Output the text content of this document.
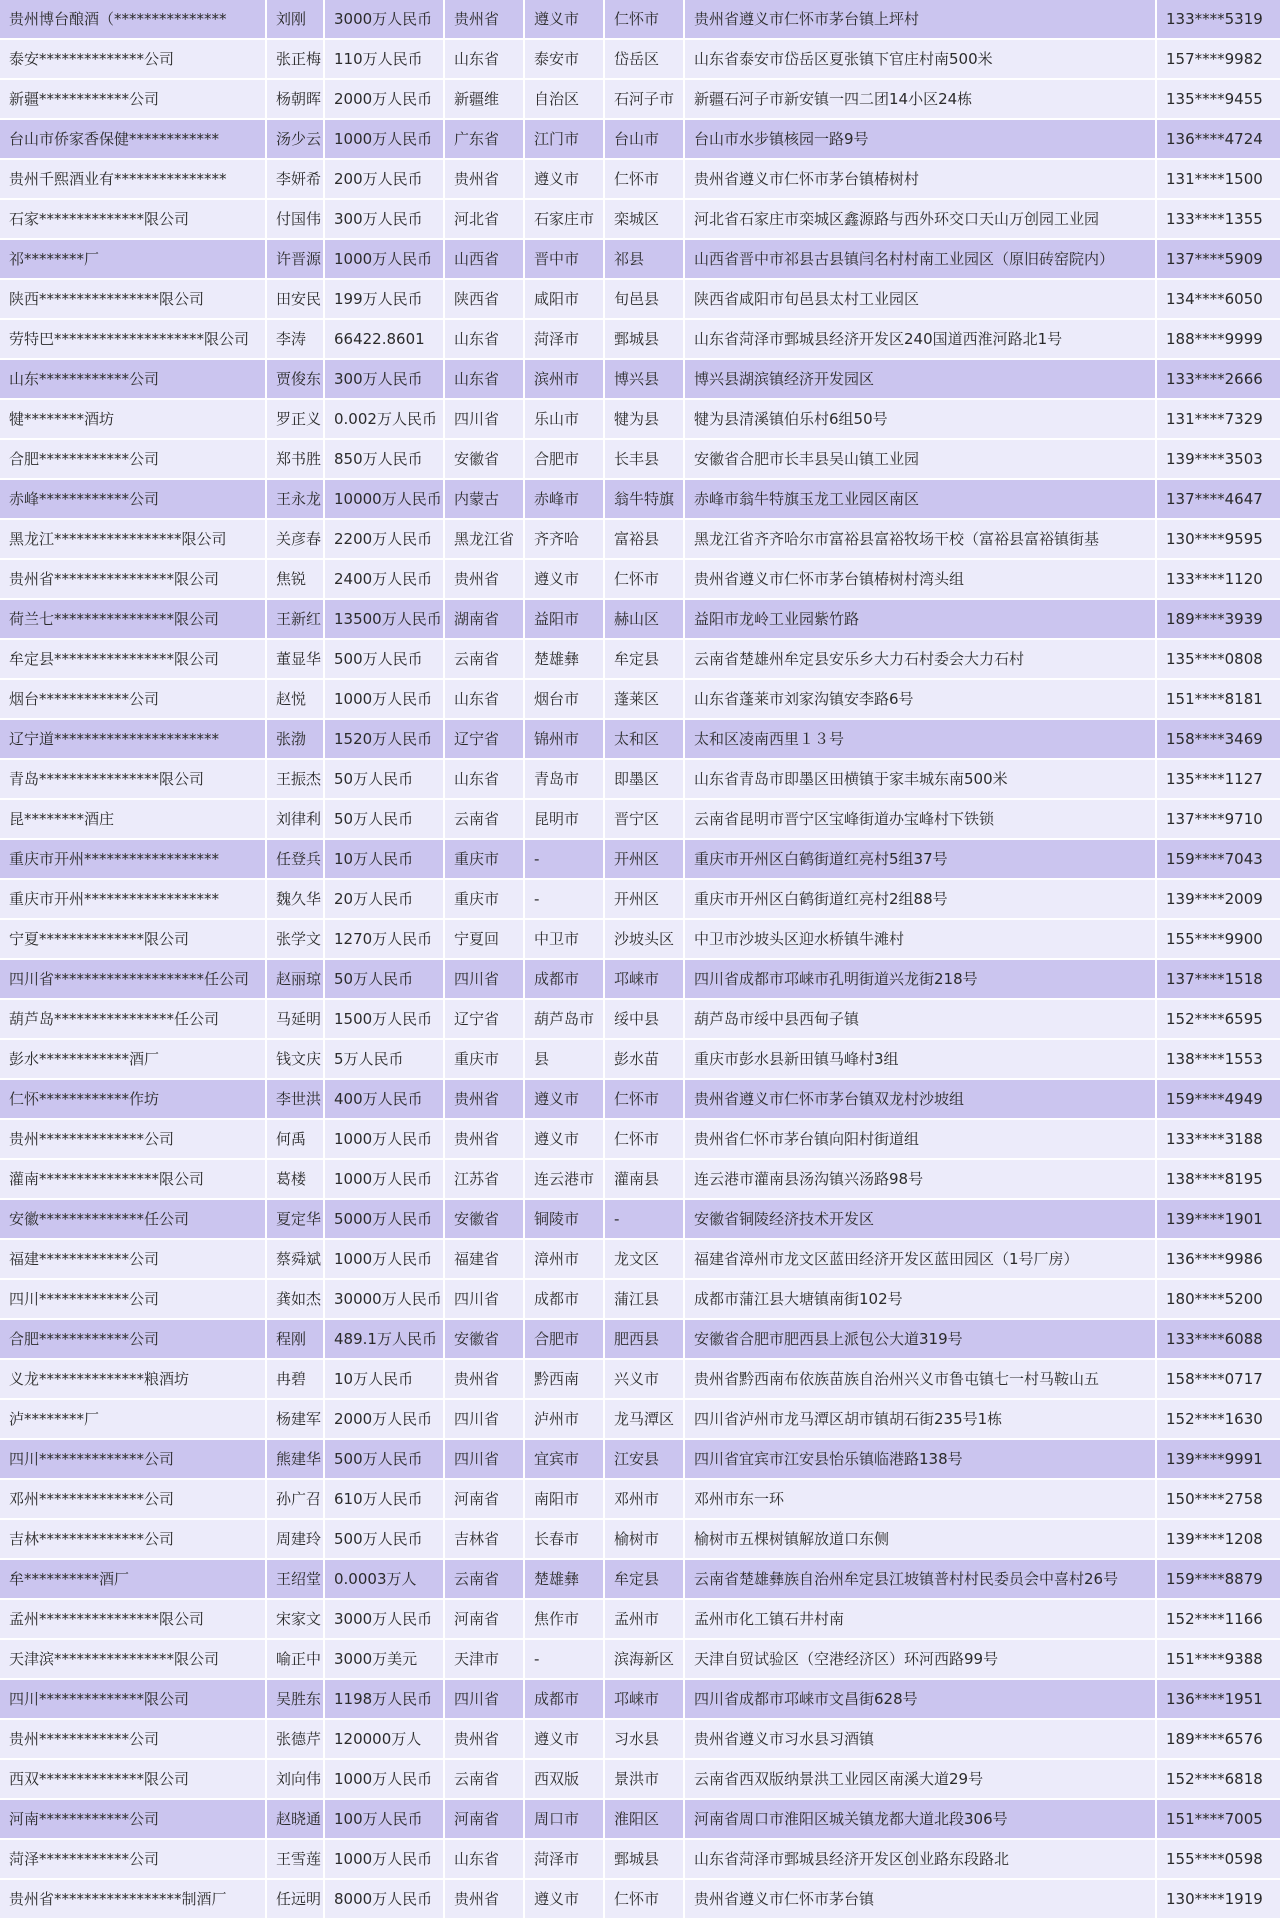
贵州博台酿酒（***************	刘刚	3000万人民币	贵州省	遵义市	仁怀市	贵州省遵义市仁怀市茅台镇上坪村	133****5319
泰安**************公司	张正梅	110万人民币	山东省	泰安市	岱岳区	山东省泰安市岱岳区夏张镇下官庄村南500米	157****9982
新疆************公司	杨朝晖	2000万人民币	新疆维	自治区	石河子市	新疆石河子市新安镇一四二团14小区24栋	135****9455
台山市侨家香保健************	汤少云	1000万人民币	广东省	江门市	台山市	台山市水步镇核园一路9号	136****4724
贵州千熙酒业有***************	李妍希	200万人民币	贵州省	遵义市	仁怀市	贵州省遵义市仁怀市茅台镇椿树村	131****1500
石家**************限公司	付国伟	300万人民币	河北省	石家庄市	栾城区	河北省石家庄市栾城区鑫源路与西外环交口天山万创园工业园	133****1355
祁********厂	许晋源	1000万人民币	山西省	晋中市	祁县	山西省晋中市祁县古县镇闫名村村南工业园区（原旧砖窑院内）	137****5909
陕西****************限公司	田安民	199万人民币	陕西省	咸阳市	旬邑县	陕西省咸阳市旬邑县太村工业园区	134****6050
劳特巴********************限公司	李涛	66422.8601	山东省	菏泽市	鄄城县	山东省菏泽市鄄城县经济开发区240国道西淮河路北1号	188****9999
山东************公司	贾俊东	300万人民币	山东省	滨州市	博兴县	博兴县湖滨镇经济开发园区	133****2666
犍********酒坊	罗正义	0.002万人民币	四川省	乐山市	犍为县	犍为县清溪镇伯乐村6组50号	131****7329
合肥************公司	郑书胜	850万人民币	安徽省	合肥市	长丰县	安徽省合肥市长丰县吴山镇工业园	139****3503
赤峰************公司	王永龙	10000万人民币	内蒙古	赤峰市	翁牛特旗	赤峰市翁牛特旗玉龙工业园区南区	137****4647
黑龙江*****************限公司	关彦春	2200万人民币	黑龙江省	齐齐哈	富裕县	黑龙江省齐齐哈尔市富裕县富裕牧场干校（富裕县富裕镇街基	130****9595
贵州省****************限公司	焦锐	2400万人民币	贵州省	遵义市	仁怀市	贵州省遵义市仁怀市茅台镇椿树村湾头组	133****1120
荷兰七****************限公司	王新红	13500万人民币	湖南省	益阳市	赫山区	益阳市龙岭工业园紫竹路	189****3939
牟定县****************限公司	董显华	500万人民币	云南省	楚雄彝	牟定县	云南省楚雄州牟定县安乐乡大力石村委会大力石村	135****0808
烟台************公司	赵悦	1000万人民币	山东省	烟台市	蓬莱区	山东省蓬莱市刘家沟镇安李路6号	151****8181
辽宁道**********************	张渤	1520万人民币	辽宁省	锦州市	太和区	太和区凌南西里１３号	158****3469
青岛****************限公司	王振杰	50万人民币	山东省	青岛市	即墨区	山东省青岛市即墨区田横镇于家丰城东南500米	135****1127
昆********酒庄	刘律利	50万人民币	云南省	昆明市	晋宁区	云南省昆明市晋宁区宝峰街道办宝峰村下铁锁	137****9710
重庆市开州******************	任登兵	10万人民币	重庆市	-	开州区	重庆市开州区白鹤街道红亮村5组37号	159****7043
重庆市开州******************	魏久华	20万人民币	重庆市	-	开州区	重庆市开州区白鹤街道红亮村2组88号	139****2009
宁夏**************限公司	张学文	1270万人民币	宁夏回	中卫市	沙坡头区	中卫市沙坡头区迎水桥镇牛滩村	155****9900
四川省********************任公司	赵丽琼	50万人民币	四川省	成都市	邛崃市	四川省成都市邛崃市孔明街道兴龙街218号	137****1518
葫芦岛****************任公司	马延明	1500万人民币	辽宁省	葫芦岛市	绥中县	葫芦岛市绥中县西甸子镇	152****6595
彭水************酒厂	钱文庆	5万人民币	重庆市	县	彭水苗	重庆市彭水县新田镇马峰村3组	138****1553
仁怀************作坊	李世洪	400万人民币	贵州省	遵义市	仁怀市	贵州省遵义市仁怀市茅台镇双龙村沙坡组	159****4949
贵州**************公司	何禹	1000万人民币	贵州省	遵义市	仁怀市	贵州省仁怀市茅台镇向阳村街道组	133****3188
灌南****************限公司	葛楼	1000万人民币	江苏省	连云港市	灌南县	连云港市灌南县汤沟镇兴汤路98号	138****8195
安徽**************任公司	夏定华	5000万人民币	安徽省	铜陵市	-	安徽省铜陵经济技术开发区	139****1901
福建************公司	蔡舜斌	1000万人民币	福建省	漳州市	龙文区	福建省漳州市龙文区蓝田经济开发区蓝田园区（1号厂房）	136****9986
四川************公司	龚如杰	30000万人民币	四川省	成都市	蒲江县	成都市蒲江县大塘镇南街102号	180****5200
合肥************公司	程刚	489.1万人民币	安徽省	合肥市	肥西县	安徽省合肥市肥西县上派包公大道319号	133****6088
义龙**************粮酒坊	冉碧	10万人民币	贵州省	黔西南	兴义市	贵州省黔西南布依族苗族自治州兴义市鲁屯镇七一村马鞍山五	158****0717
泸********厂	杨建军	2000万人民币	四川省	泸州市	龙马潭区	四川省泸州市龙马潭区胡市镇胡石街235号1栋	152****1630
四川**************公司	熊建华	500万人民币	四川省	宜宾市	江安县	四川省宜宾市江安县怡乐镇临港路138号	139****9991
邓州**************公司	孙广召	610万人民币	河南省	南阳市	邓州市	邓州市东一环	150****2758
吉林**************公司	周建玲	500万人民币	吉林省	长春市	榆树市	榆树市五棵树镇解放道口东侧	139****1208
牟**********酒厂	王绍堂	0.0003万人	云南省	楚雄彝	牟定县	云南省楚雄彝族自治州牟定县江坡镇普村村民委员会中喜村26号	159****8879
孟州****************限公司	宋家文	3000万人民币	河南省	焦作市	孟州市	孟州市化工镇石井村南	152****1166
天津滨****************限公司	喻正中	3000万美元	天津市	-	滨海新区	天津自贸试验区（空港经济区）环河西路99号	151****9388
四川**************限公司	吴胜东	1198万人民币	四川省	成都市	邛崃市	四川省成都市邛崃市文昌街628号	136****1951
贵州************公司	张德芹	120000万人	贵州省	遵义市	习水县	贵州省遵义市习水县习酒镇	189****6576
西双**************限公司	刘向伟	1000万人民币	云南省	西双版	景洪市	云南省西双版纳景洪工业园区南溪大道29号	152****6818
河南************公司	赵晓通	100万人民币	河南省	周口市	淮阳区	河南省周口市淮阳区城关镇龙都大道北段306号	151****7005
菏泽************公司	王雪莲	1000万人民币	山东省	菏泽市	鄄城县	山东省菏泽市鄄城县经济开发区创业路东段路北	155****0598
贵州省*****************制酒厂	任远明	8000万人民币	贵州省	遵义市	仁怀市	贵州省遵义市仁怀市茅台镇	130****1919
